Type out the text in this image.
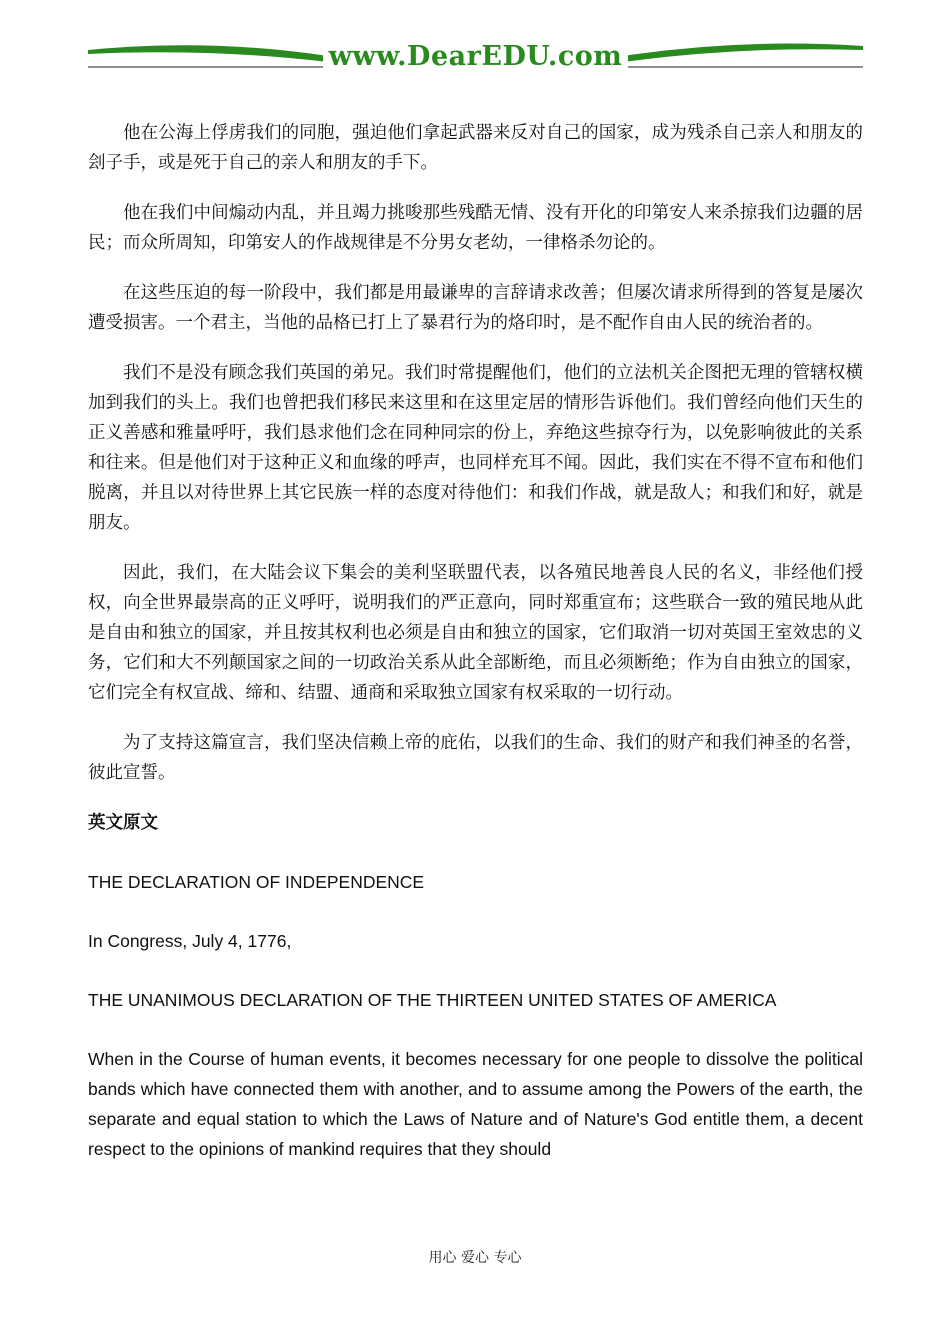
www.DearEDU.com

他在公海上俘虏我们的同胞，强迫他们拿起武器来反对自己的国家，成为残杀自己亲人和朋友的刽子手，或是死于自己的亲人和朋友的手下。

他在我们中间煽动内乱，并且竭力挑唆那些残酷无情、没有开化的印第安人来杀掠我们边疆的居民；而众所周知，印第安人的作战规律是不分男女老幼，一律格杀勿论的。

在这些压迫的每一阶段中，我们都是用最谦卑的言辞请求改善；但屡次请求所得到的答复是屡次遭受损害。一个君主，当他的品格已打上了暴君行为的烙印时，是不配作自由人民的统治者的。

我们不是没有顾念我们英国的弟兄。我们时常提醒他们，他们的立法机关企图把无理的管辖权横加到我们的头上。我们也曾把我们移民来这里和在这里定居的情形告诉他们。我们曾经向他们天生的正义善感和雅量呼吁，我们恳求他们念在同种同宗的份上，弃绝这些掠夺行为，以免影响彼此的关系和往来。但是他们对于这种正义和血缘的呼声，也同样充耳不闻。因此，我们实在不得不宣布和他们脱离，并且以对待世界上其它民族一样的态度对待他们：和我们作战，就是敌人；和我们和好，就是朋友。

因此，我们，在大陆会议下集会的美利坚联盟代表，以各殖民地善良人民的名义，非经他们授权，向全世界最崇高的正义呼吁，说明我们的严正意向，同时郑重宣布；这些联合一致的殖民地从此是自由和独立的国家，并且按其权利也必须是自由和独立的国家，它们取消一切对英国王室效忠的义务，它们和大不列颠国家之间的一切政治关系从此全部断绝，而且必须断绝；作为自由独立的国家，它们完全有权宣战、缔和、结盟、通商和采取独立国家有权采取的一切行动。

为了支持这篇宣言，我们坚决信赖上帝的庇佑，以我们的生命、我们的财产和我们神圣的名誉，彼此宣誓。

英文原文
THE DECLARATION OF INDEPENDENCE
In Congress, July 4, 1776,
THE UNANIMOUS DECLARATION OF THE THIRTEEN UNITED STATES OF AMERICA

When in the Course of human events, it becomes necessary for one people to dissolve the political bands which have connected them with another, and to assume among the Powers of the earth, the separate and equal station to which the Laws of Nature and of Nature's God entitle them, a decent respect to the opinions of mankind requires that they should

用心 爱心 专心
